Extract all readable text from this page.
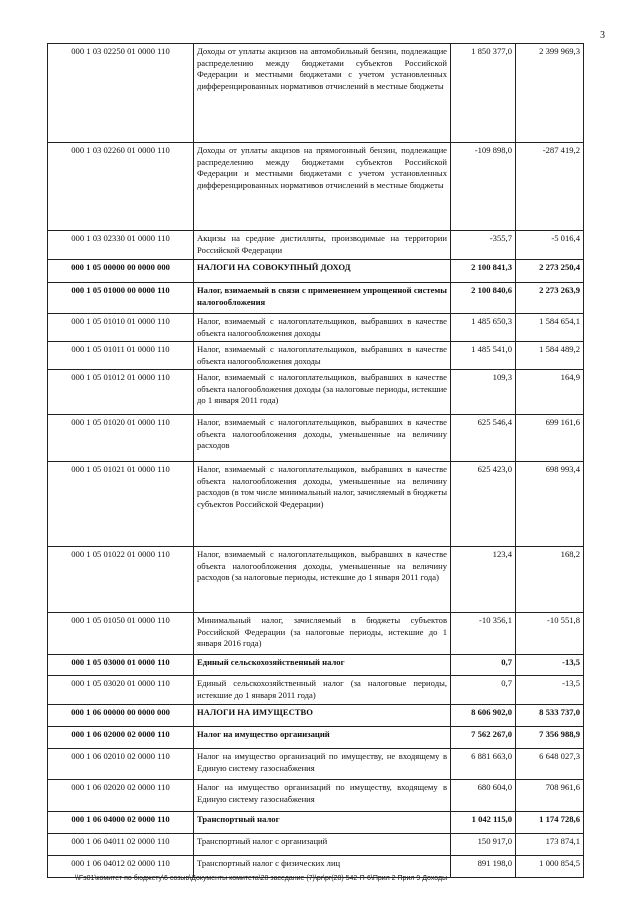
3
000 1 03 02250 01 0000 110	Доходы от уплаты акцизов на автомобильный бензин, подлежащие распределению между бюджетами субъектов Российской Федерации и местными бюджетами с учетом установленных дифференцированных нормативов отчислений в местные бюджеты	1 850 377,0	2 399 969,3
000 1 03 02260 01 0000 110	Доходы от уплаты акцизов на прямогонный бензин, подлежащие распределению между бюджетами субъектов Российской Федерации и местными бюджетами с учетом установленных дифференцированных нормативов отчислений в местные бюджеты	-109 898,0	-287 419,2
000 1 03 02330 01 0000 110	Акцизы на средние дистилляты, производимые на территории Российской Федерации	-355,7	-5 016,4
000 1 05 00000 00 0000 000	НАЛОГИ НА СОВОКУПНЫЙ ДОХОД	2 100 841,3	2 273 250,4
000 1 05 01000 00 0000 110	Налог, взимаемый в связи с применением упрощенной системы налогообложения	2 100 840,6	2 273 263,9
000 1 05 01010 01 0000 110	Налог, взимаемый с налогоплательщиков, выбравших в качестве объекта налогообложения доходы	1 485 650,3	1 584 654,1
000 1 05 01011 01 0000 110	Налог, взимаемый с налогоплательщиков, выбравших в качестве объекта налогообложения доходы	1 485 541,0	1 584 489,2
000 1 05 01012 01 0000 110	Налог, взимаемый с налогоплательщиков, выбравших в качестве объекта налогообложения доходы (за налоговые периоды, истекшие до 1 января 2011 года)	109,3	164,9
000 1 05 01020 01 0000 110	Налог, взимаемый с налогоплательщиков, выбравших в качестве объекта налогообложения доходы, уменьшенные на величину расходов	625 546,4	699 161,6
000 1 05 01021 01 0000 110	Налог, взимаемый с налогоплательщиков, выбравших в качестве объекта налогообложения доходы, уменьшенные на величину расходов (в том числе минимальный налог, зачисляемый в бюджеты субъектов Российской Федерации)	625 423,0	698 993,4
000 1 05 01022 01 0000 110	Налог, взимаемый с налогоплательщиков, выбравших в качестве объекта налогообложения доходы, уменьшенные на величину расходов (за налоговые периоды, истекшие до 1 января 2011 года)	123,4	168,2
000 1 05 01050 01 0000 110	Минимальный налог, зачисляемый в бюджеты субъектов Российской Федерации (за налоговые периоды, истекшие до 1 января 2016 года)	-10 356,1	-10 551,8
000 1 05 03000 01 0000 110	Единый сельскохозяйственный налог	0,7	-13,5
000 1 05 03020 01 0000 110	Единый сельскохозяйственный налог (за налоговые периоды, истекшие до 1 января 2011 года)	0,7	-13,5
000 1 06 00000 00 0000 000	НАЛОГИ НА ИМУЩЕСТВО	8 606 902,0	8 533 737,0
000 1 06 02000 02 0000 110	Налог на имущество организаций	7 562 267,0	7 356 988,9
000 1 06 02010 02 0000 110	Налог на имущество организаций по имуществу, не входящему в Единую систему газоснабжения	6 881 663,0	6 648 027,3
000 1 06 02020 02 0000 110	Налог на имущество организаций по имуществу, входящему в Единую систему газоснабжения	680 604,0	708 961,6
000 1 06 04000 02 0000 110	Транспортный налог	1 042 115,0	1 174 728,6
000 1 06 04011 02 0000 110	Транспортный налог с организаций	150 917,0	173 874,1
000 1 06 04012 02 0000 110	Транспортный налог с физических лиц	891 198,0	1 000 854,5
\\Fs01\комитет по бюджету\6 созыв\Документы комитета\28 заседание (7)\pr\pr(28) 542-П-6\Прил 2 Прил 9 Доходы
